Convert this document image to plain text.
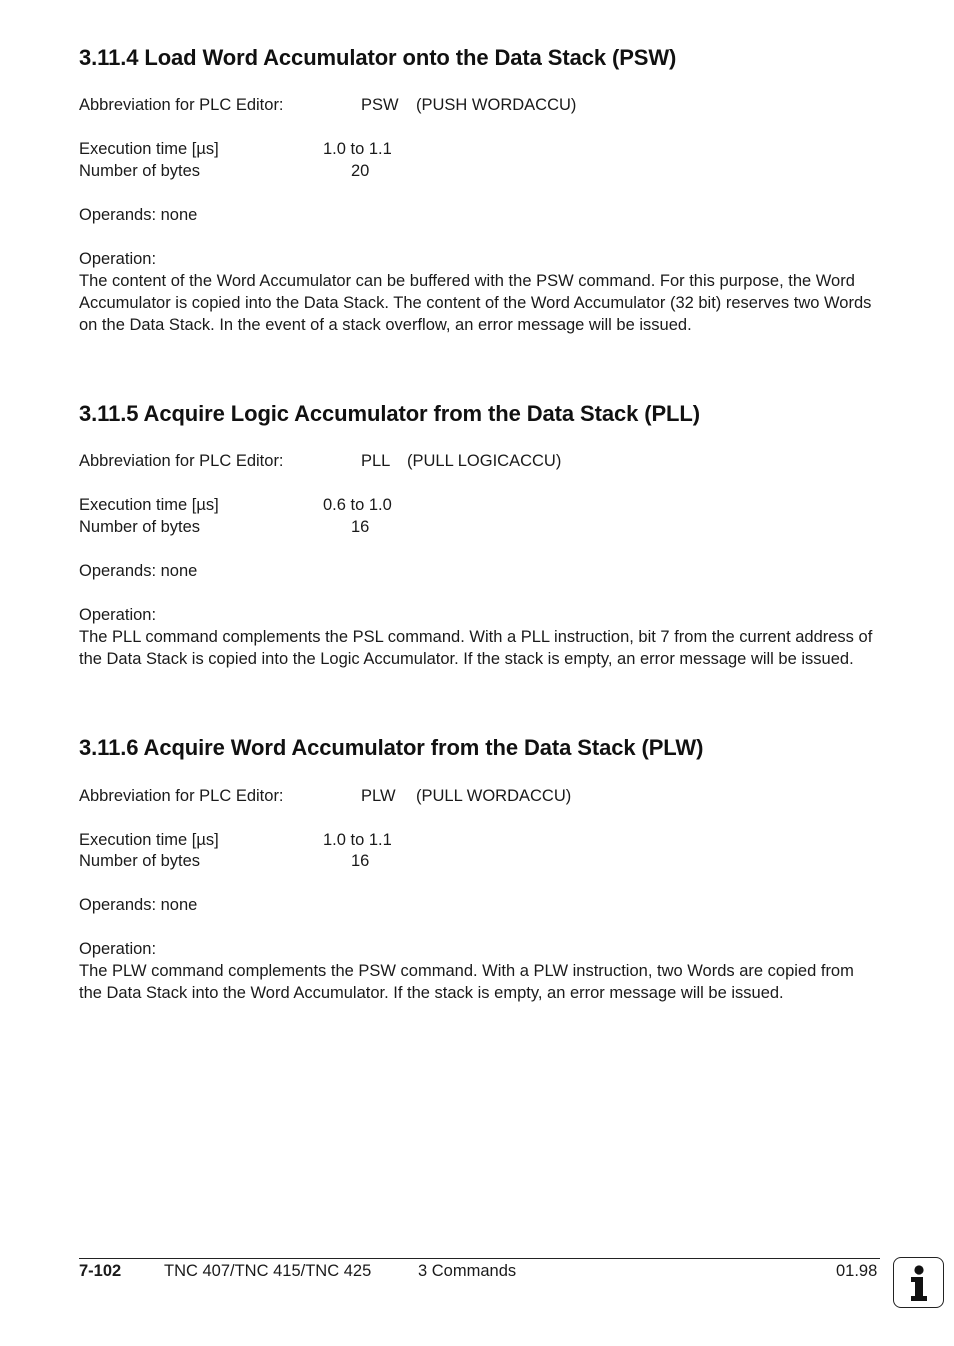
3.11.4 Load Word Accumulator onto the Data Stack (PSW)
Abbreviation for PLC Editor:	PSW (PUSH WORDACCU)
Execution time [µs]	1.0 to 1.1
Number of bytes	20
Operands: none
Operation:
The content of the Word Accumulator can be buffered with the PSW command. For this purpose, the Word Accumulator is copied into the Data Stack. The content of the Word Accumulator (32 bit) reserves two Words on the Data Stack. In the event of a stack overflow, an error message will be issued.
3.11.5 Acquire Logic Accumulator from the Data Stack (PLL)
Abbreviation for PLC Editor:	PLL (PULL LOGICACCU)
Execution time [µs]	0.6 to 1.0
Number of bytes	16
Operands: none
Operation:
The PLL command complements the PSL command. With a PLL instruction, bit 7 from the current address of the Data Stack is copied into the Logic Accumulator. If the stack is empty, an error message will be issued.
3.11.6 Acquire Word Accumulator from the Data Stack (PLW)
Abbreviation for PLC Editor:	PLW (PULL WORDACCU)
Execution time [µs]	1.0 to 1.1
Number of bytes	16
Operands: none
Operation:
The PLW command complements the PSW command. With a PLW instruction, two Words are copied from the Data Stack into the Word Accumulator. If the stack is empty, an error message will be issued.
7-102	TNC 407/TNC 415/TNC 425	3 Commands	01.98
